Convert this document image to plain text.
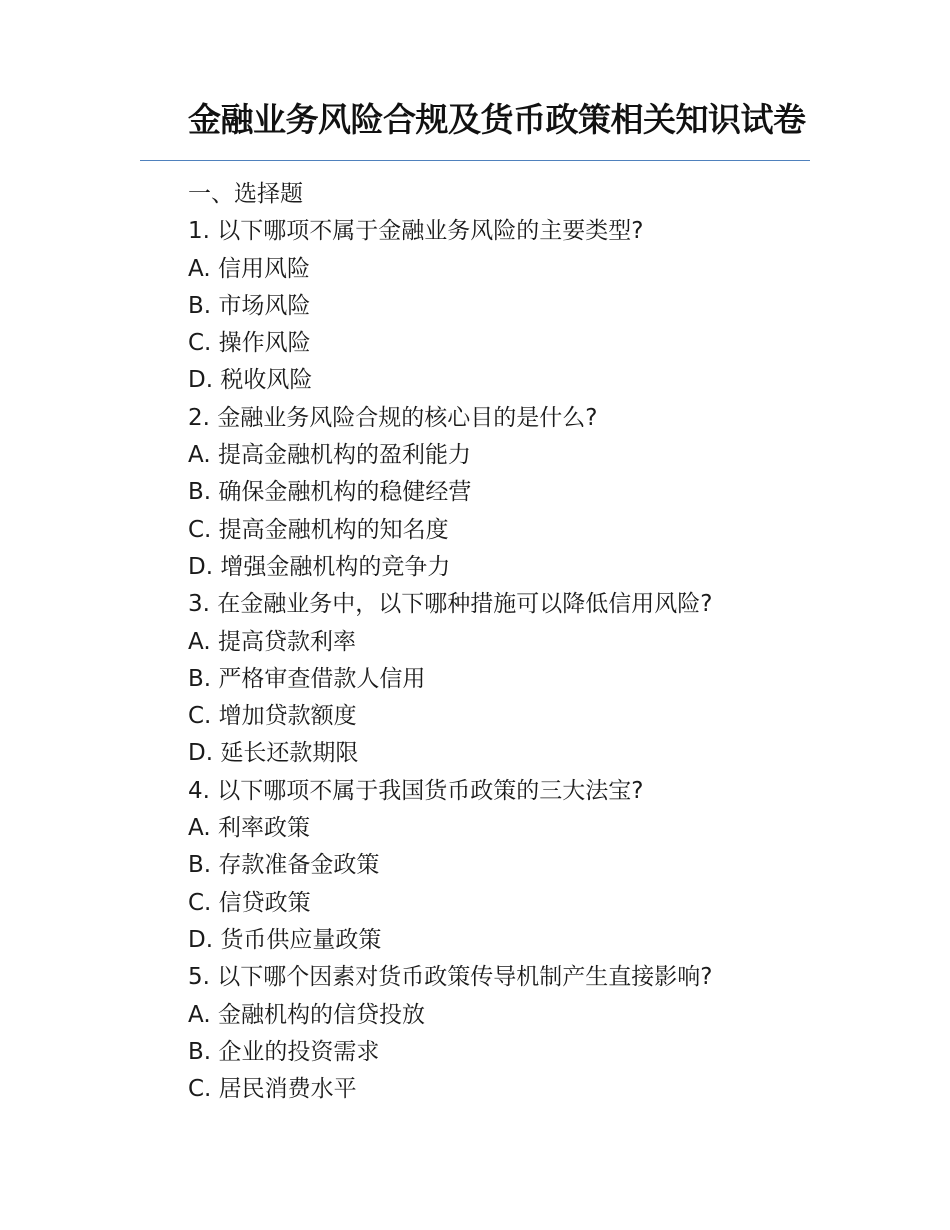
金融业务风险合规及货币政策相关知识试卷
一、选择题
1. 以下哪项不属于金融业务风险的主要类型?
A. 信用风险
B. 市场风险
C. 操作风险
D. 税收风险
2. 金融业务风险合规的核心目的是什么?
A. 提高金融机构的盈利能力
B. 确保金融机构的稳健经营
C. 提高金融机构的知名度
D. 增强金融机构的竞争力
3. 在金融业务中，以下哪种措施可以降低信用风险?
A. 提高贷款利率
B. 严格审查借款人信用
C. 增加贷款额度
D. 延长还款期限
4. 以下哪项不属于我国货币政策的三大法宝?
A. 利率政策
B. 存款准备金政策
C. 信贷政策
D. 货币供应量政策
5. 以下哪个因素对货币政策传导机制产生直接影响?
A. 金融机构的信贷投放
B. 企业的投资需求
C. 居民消费水平
